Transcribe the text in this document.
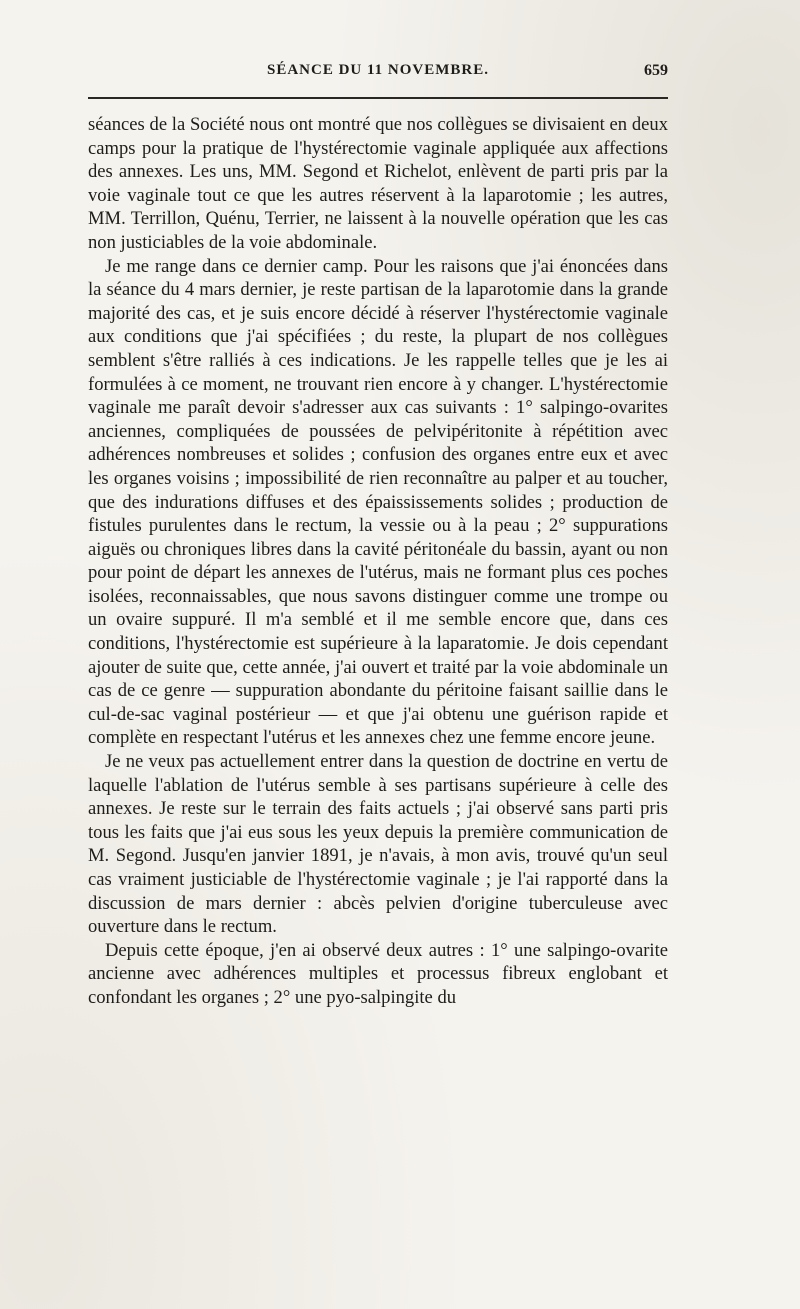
SÉANCE DU 11 NOVEMBRE.	659

séances de la Société nous ont montré que nos collègues se divisaient en deux camps pour la pratique de l'hystérectomie vaginale appliquée aux affections des annexes. Les uns, MM. Segond et Richelot, enlèvent de parti pris par la voie vaginale tout ce que les autres réservent à la laparotomie ; les autres, MM. Terrillon, Quénu, Terrier, ne laissent à la nouvelle opération que les cas non justiciables de la voie abdominale.

Je me range dans ce dernier camp. Pour les raisons que j'ai énoncées dans la séance du 4 mars dernier, je reste partisan de la laparotomie dans la grande majorité des cas, et je suis encore décidé à réserver l'hystérectomie vaginale aux conditions que j'ai spécifiées ; du reste, la plupart de nos collègues semblent s'être ralliés à ces indications. Je les rappelle telles que je les ai formulées à ce moment, ne trouvant rien encore à y changer. L'hystérectomie vaginale me paraît devoir s'adresser aux cas suivants : 1° salpingo-ovarites anciennes, compliquées de poussées de pelvipéritonite à répétition avec adhérences nombreuses et solides ; confusion des organes entre eux et avec les organes voisins ; impossibilité de rien reconnaître au palper et au toucher, que des indurations diffuses et des épaississements solides ; production de fistules purulentes dans le rectum, la vessie ou à la peau ; 2° suppurations aiguës ou chroniques libres dans la cavité péritonéale du bassin, ayant ou non pour point de départ les annexes de l'utérus, mais ne formant plus ces poches isolées, reconnaissables, que nous savons distinguer comme une trompe ou un ovaire suppuré. Il m'a semblé et il me semble encore que, dans ces conditions, l'hystérectomie est supérieure à la laparatomie. Je dois cependant ajouter de suite que, cette année, j'ai ouvert et traité par la voie abdominale un cas de ce genre — suppuration abondante du péritoine faisant saillie dans le cul-de-sac vaginal postérieur — et que j'ai obtenu une guérison rapide et complète en respectant l'utérus et les annexes chez une femme encore jeune.

Je ne veux pas actuellement entrer dans la question de doctrine en vertu de laquelle l'ablation de l'utérus semble à ses partisans supérieure à celle des annexes. Je reste sur le terrain des faits actuels ; j'ai observé sans parti pris tous les faits que j'ai eus sous les yeux depuis la première communication de M. Segond. Jusqu'en janvier 1891, je n'avais, à mon avis, trouvé qu'un seul cas vraiment justiciable de l'hystérectomie vaginale ; je l'ai rapporté dans la discussion de mars dernier : abcès pelvien d'origine tuberculeuse avec ouverture dans le rectum.

Depuis cette époque, j'en ai observé deux autres : 1° une salpingo-ovarite ancienne avec adhérences multiples et processus fibreux englobant et confondant les organes ; 2° une pyo-salpingite du
